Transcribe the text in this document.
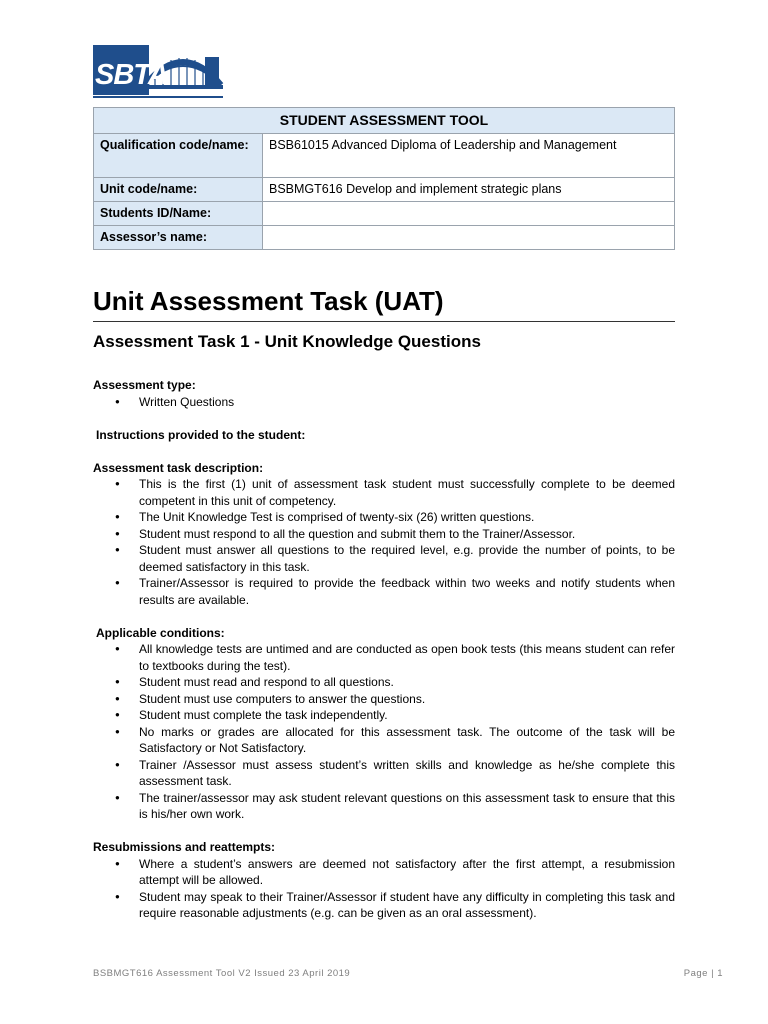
SBTA
STUDENT ASSESSMENT TOOL	
Qualification code/name:	BSB61015 Advanced Diploma of Leadership and Management
Unit code/name:	BSBMGT616 Develop and implement strategic plans
Students ID/Name:	
Assessor’s name:	
Unit Assessment Task (UAT)
Assessment Task 1 - Unit Knowledge Questions

Assessment type:

● Written Questions

Instructions provided to the student:

Assessment task description:

● This is the first (1) unit of assessment task student must successfully complete to be deemed competent in this unit of competency.
● The Unit Knowledge Test is comprised of twenty-six (26) written questions.
● Student must respond to all the question and submit them to the Trainer/Assessor.
● Student must answer all questions to the required level, e.g. provide the number of points, to be deemed satisfactory in this task.
● Trainer/Assessor is required to provide the feedback within two weeks and notify students when results are available.

Applicable conditions:

● All knowledge tests are untimed and are conducted as open book tests (this means student can refer to textbooks during the test).
● Student must read and respond to all questions.
● Student must use computers to answer the questions.
● Student must complete the task independently.
● No marks or grades are allocated for this assessment task. The outcome of the task will be Satisfactory or Not Satisfactory.
● Trainer /Assessor must assess student’s written skills and knowledge as he/she complete this assessment task.
● The trainer/assessor may ask student relevant questions on this assessment task to ensure that this is his/her own work.

Resubmissions and reattempts:

● Where a student’s answers are deemed not satisfactory after the first attempt, a resubmission attempt will be allowed.
● Student may speak to their Trainer/Assessor if student have any difficulty in completing this task and require reasonable adjustments (e.g. can be given as an oral assessment).
BSBMGT616 Assessment Tool V2 Issued 23 April 2019	Page | 1
